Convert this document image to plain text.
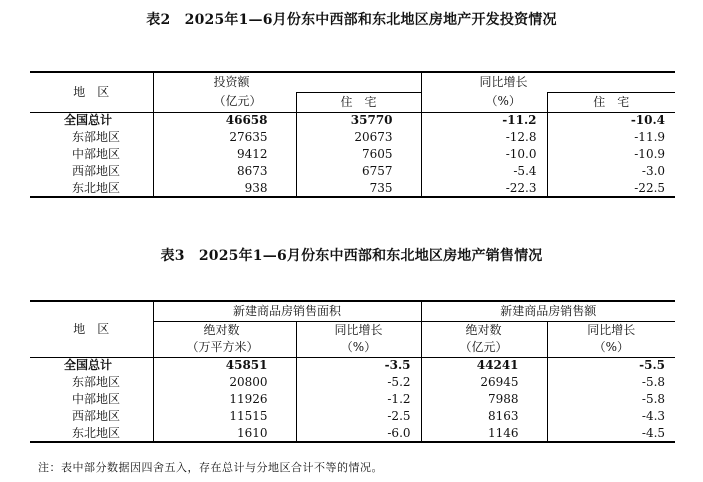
表2　2025年1—6月份东中西部和东北地区房地产开发投资情况
地　区	投资额		同比增长	
	（亿元）	住　宅	（%）	住　宅
全国总计	46658	35770	-11.2	-10.4
东部地区	27635	20673	-12.8	-11.9
中部地区	9412	7605	-10.0	-10.9
西部地区	8673	6757	-5.4	-3.0
东北地区	938	735	-22.3	-22.5
表3　2025年1—6月份东中西部和东北地区房地产销售情况
地　区	新建商品房销售面积		新建商品房销售额	
	绝对数	同比增长	绝对数	同比增长
	（万平方米）	（%）	（亿元）	（%）
全国总计	45851	-3.5	44241	-5.5
东部地区	20800	-5.2	26945	-5.8
中部地区	11926	-1.2	7988	-5.8
西部地区	11515	-2.5	8163	-4.3
东北地区	1610	-6.0	1146	-4.5
注：表中部分数据因四舍五入，存在总计与分地区合计不等的情况。
